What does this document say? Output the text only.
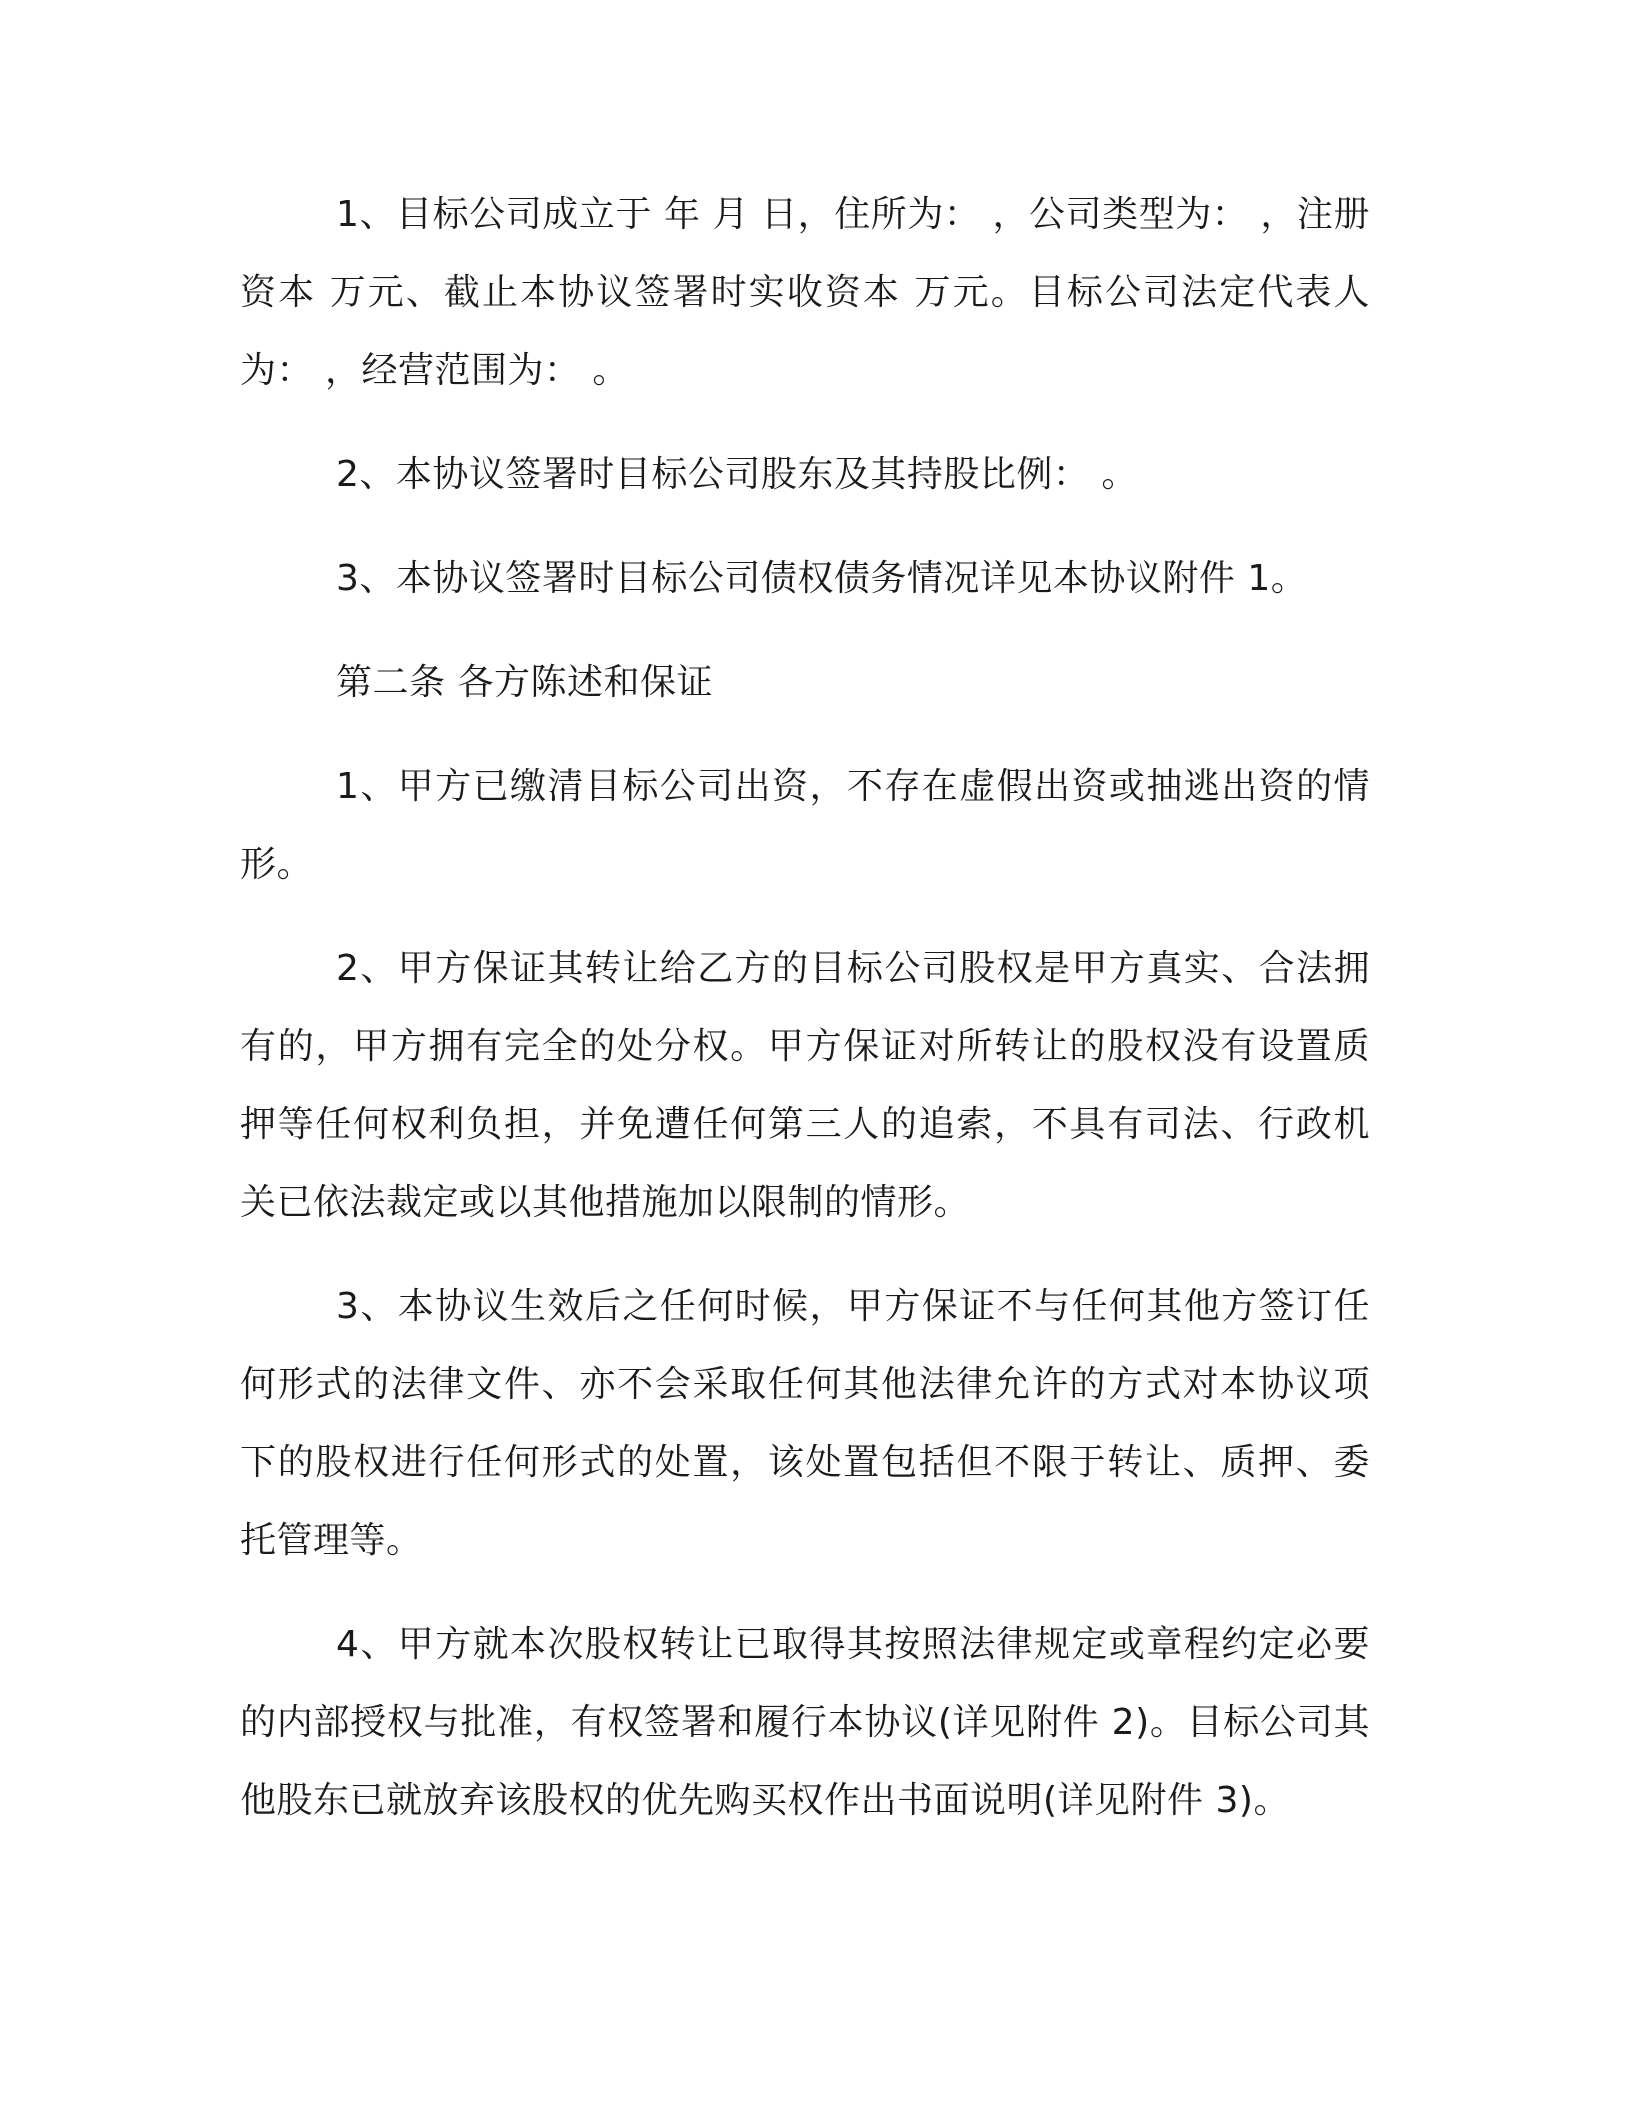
1、目标公司成立于 年 月 日，住所为： ，公司类型为： ，注册资本 万元、截止本协议签署时实收资本 万元。目标公司法定代表人为： ，经营范围为： 。

2、本协议签署时目标公司股东及其持股比例： 。

3、本协议签署时目标公司债权债务情况详见本协议附件 1。

第二条 各方陈述和保证

1、甲方已缴清目标公司出资，不存在虚假出资或抽逃出资的情形。

2、甲方保证其转让给乙方的目标公司股权是甲方真实、合法拥有的，甲方拥有完全的处分权。甲方保证对所转让的股权没有设置质押等任何权利负担，并免遭任何第三人的追索，不具有司法、行政机关已依法裁定或以其他措施加以限制的情形。

3、本协议生效后之任何时候，甲方保证不与任何其他方签订任何形式的法律文件、亦不会采取任何其他法律允许的方式对本协议项下的股权进行任何形式的处置，该处置包括但不限于转让、质押、委托管理等。

4、甲方就本次股权转让已取得其按照法律规定或章程约定必要的内部授权与批准，有权签署和履行本协议(详见附件 2)。目标公司其他股东已就放弃该股权的优先购买权作出书面说明(详见附件 3)。
